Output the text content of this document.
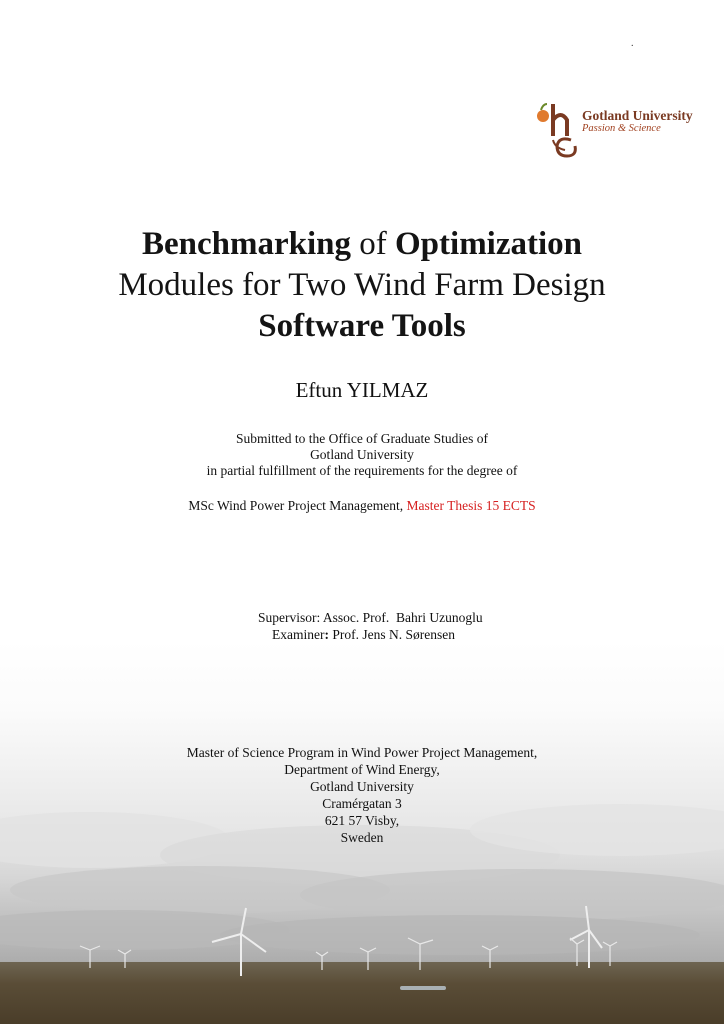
.
Gotland University
Passion & Science
Benchmarking of Optimization
Modules for Two Wind Farm Design
Software Tools
Eftun YILMAZ
Submitted to the Office of Graduate Studies of
Gotland University
in partial fulfillment of the requirements for the degree of
MSc Wind Power Project Management, Master Thesis 15 ECTS
Supervisor: Assoc. Prof.  Bahri Uzunoglu
Examiner: Prof. Jens N. Sørensen
Master of Science Program in Wind Power Project Management,
Department of Wind Energy,
Gotland University
Cramérgatan 3
621 57 Visby,
Sweden
